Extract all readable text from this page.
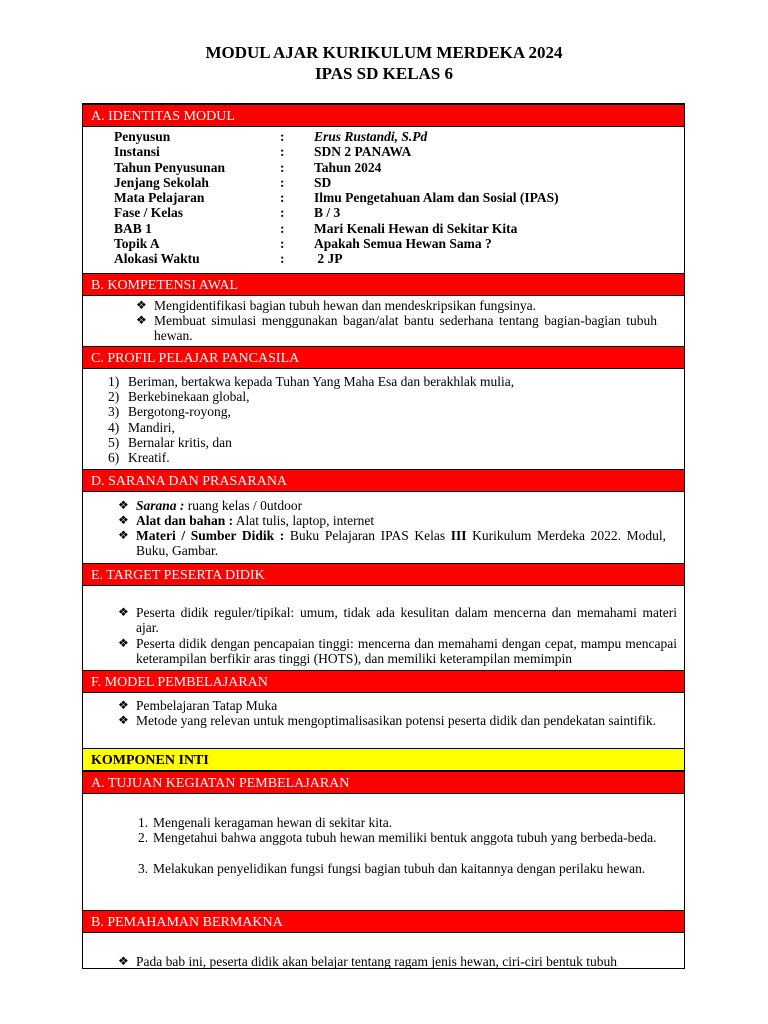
MODUL AJAR KURIKULUM MERDEKA 2024
IPAS SD KELAS 6
A. IDENTITAS MODUL
Penyusun	: Erus Rustandi, S.Pd
Instansi	: SDN 2 PANAWA
Tahun Penyusunan	: Tahun 2024
Jenjang Sekolah	: SD
Mata Pelajaran	: Ilmu Pengetahuan Alam dan Sosial (IPAS)
Fase / Kelas	: B / 3
BAB 1	: Mari Kenali Hewan di Sekitar Kita
Topik A	: Apakah Semua Hewan Sama ?
Alokasi Waktu	: 2 JP
B. KOMPETENSI AWAL
❖ Mengidentifikasi bagian tubuh hewan dan mendeskripsikan fungsinya.
❖ Membuat simulasi menggunakan bagan/alat bantu sederhana tentang bagian-bagian tubuh hewan.
C. PROFIL PELAJAR PANCASILA
1) Beriman, bertakwa kepada Tuhan Yang Maha Esa dan berakhlak mulia,
2) Berkebinekaan global,
3) Bergotong-royong,
4) Mandiri,
5) Bernalar kritis, dan
6) Kreatif.
D. SARANA DAN PRASARANA
❖ Sarana : ruang kelas / 0utdoor
❖ Alat dan bahan : Alat tulis, laptop, internet
❖ Materi / Sumber Didik : Buku Pelajaran IPAS Kelas III Kurikulum Merdeka 2022. Modul, Buku, Gambar.
E. TARGET PESERTA DIDIK
❖ Peserta didik reguler/tipikal: umum, tidak ada kesulitan dalam mencerna dan memahami materi ajar.
❖ Peserta didik dengan pencapaian tinggi: mencerna dan memahami dengan cepat, mampu mencapai keterampilan berfikir aras tinggi (HOTS), dan memiliki keterampilan memimpin
F. MODEL PEMBELAJARAN
❖ Pembelajaran Tatap Muka
❖ Metode yang relevan untuk mengoptimalisasikan potensi peserta didik dan pendekatan saintifik.
KOMPONEN INTI
A. TUJUAN KEGIATAN PEMBELAJARAN
1. Mengenali keragaman hewan di sekitar kita.
2. Mengetahui bahwa anggota tubuh hewan memiliki bentuk anggota tubuh yang berbeda-beda.
3. Melakukan penyelidikan fungsi fungsi bagian tubuh dan kaitannya dengan perilaku hewan.
B. PEMAHAMAN BERMAKNA
❖ Pada bab ini, peserta didik akan belajar tentang ragam jenis hewan, ciri-ciri bentuk tubuh
